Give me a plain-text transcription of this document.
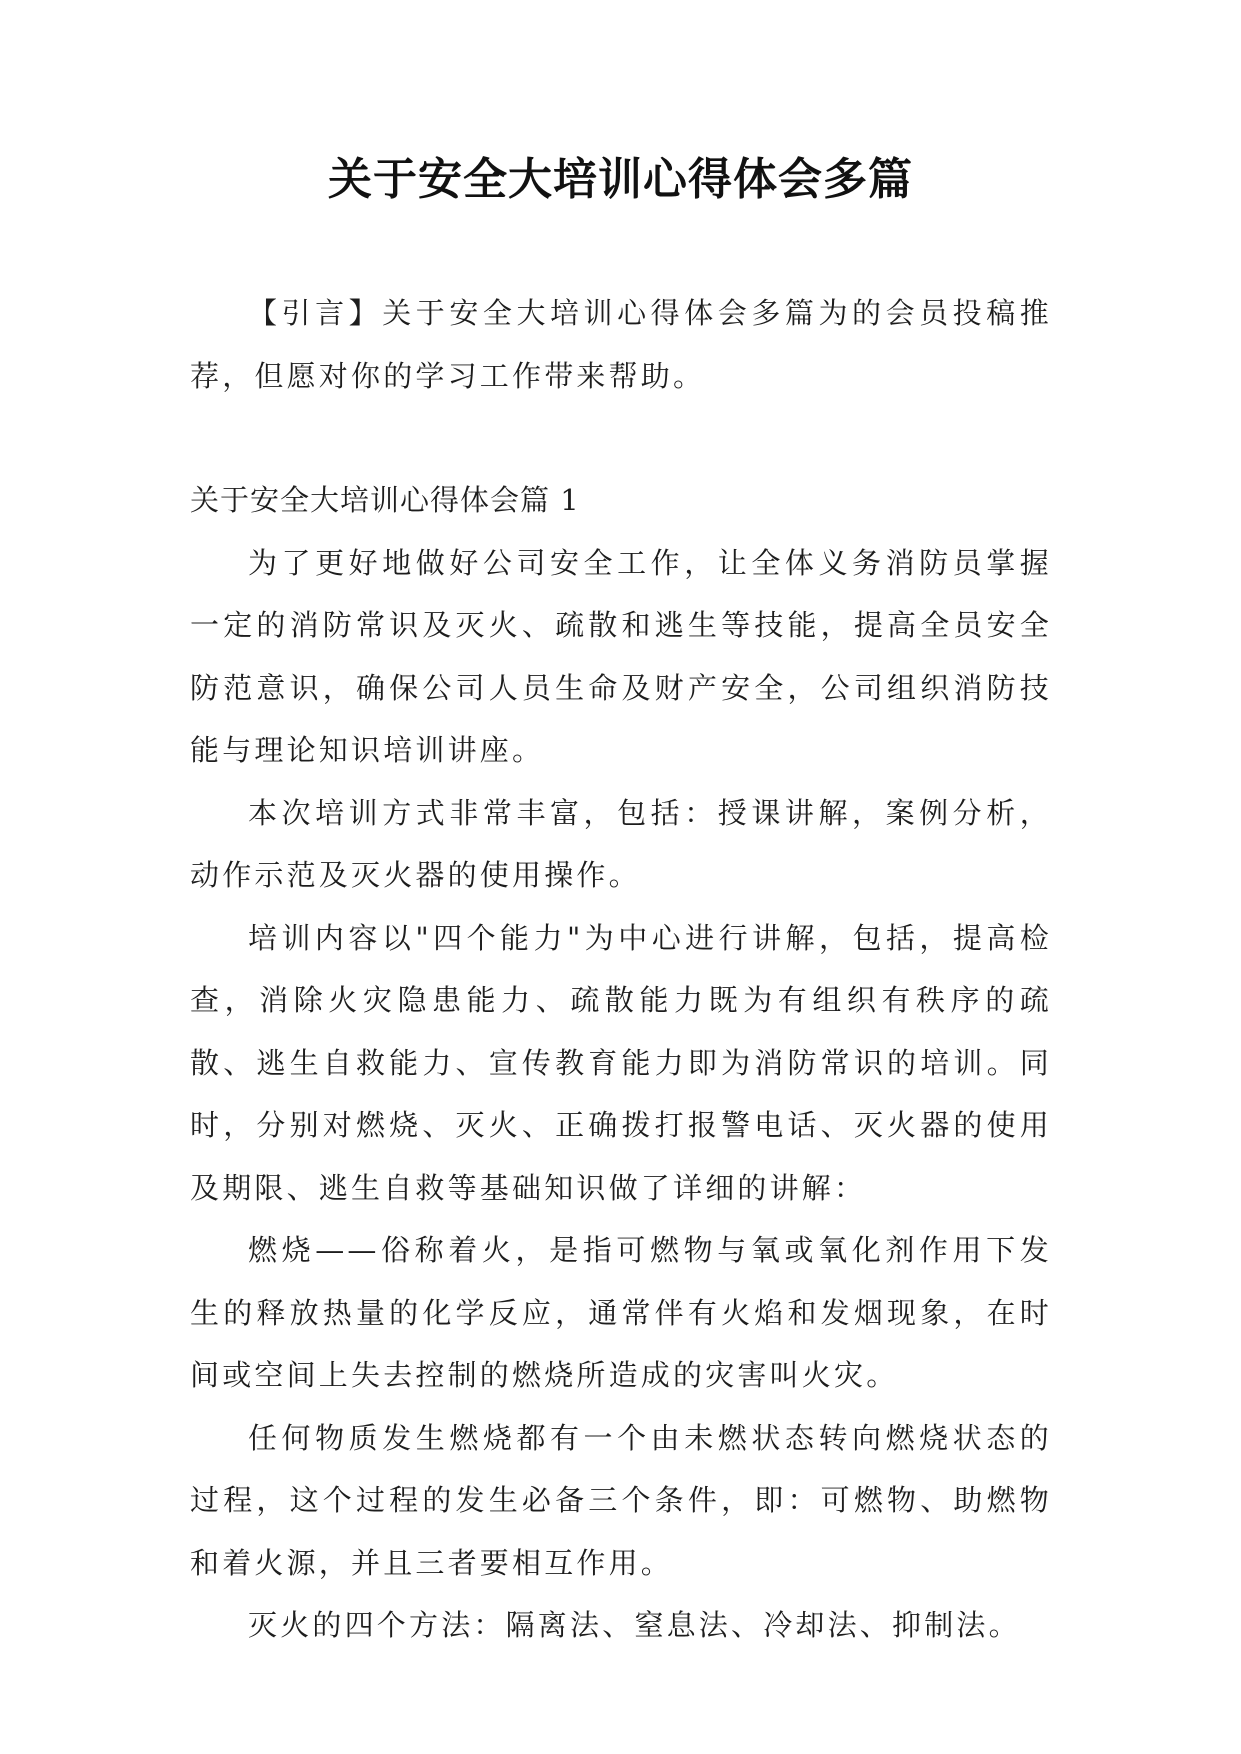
关于安全大培训心得体会多篇

【引言】关于安全大培训心得体会多篇为的会员投稿推荐，但愿对你的学习工作带来帮助。

关于安全大培训心得体会篇 1

为了更好地做好公司安全工作，让全体义务消防员掌握一定的消防常识及灭火、疏散和逃生等技能，提高全员安全防范意识，确保公司人员生命及财产安全，公司组织消防技能与理论知识培训讲座。

本次培训方式非常丰富，包括：授课讲解，案例分析，动作示范及灭火器的使用操作。

培训内容以"四个能力"为中心进行讲解，包括，提高检查，消除火灾隐患能力、疏散能力既为有组织有秩序的疏散、逃生自救能力、宣传教育能力即为消防常识的培训。同时，分别对燃烧、灭火、正确拨打报警电话、灭火器的使用及期限、逃生自救等基础知识做了详细的讲解：

燃烧——俗称着火，是指可燃物与氧或氧化剂作用下发生的释放热量的化学反应，通常伴有火焰和发烟现象，在时间或空间上失去控制的燃烧所造成的灾害叫火灾。

任何物质发生燃烧都有一个由未燃状态转向燃烧状态的过程，这个过程的发生必备三个条件，即：可燃物、助燃物和着火源，并且三者要相互作用。

灭火的四个方法：隔离法、窒息法、冷却法、抑制法。
